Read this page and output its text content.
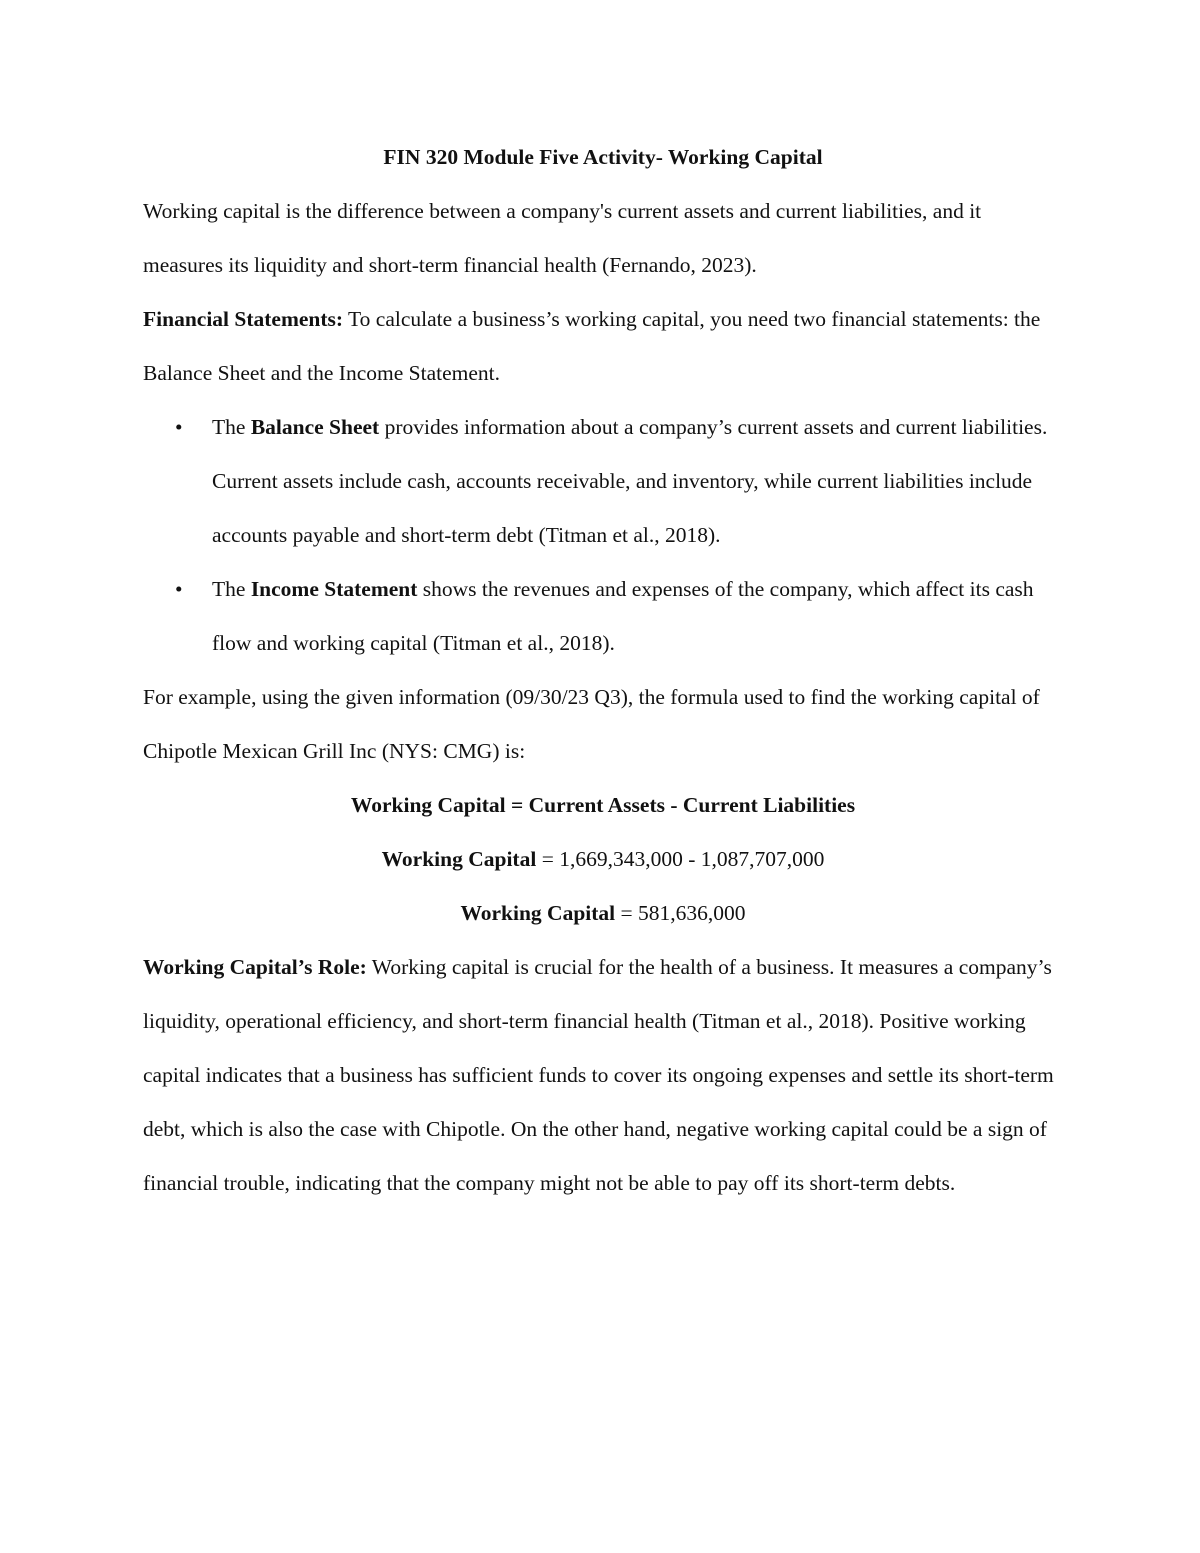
FIN 320 Module Five Activity- Working Capital

Working capital is the difference between a company's current assets and current liabilities, and it measures its liquidity and short-term financial health (Fernando, 2023).

Financial Statements: To calculate a business’s working capital, you need two financial statements: the Balance Sheet and the Income Statement.

• The Balance Sheet provides information about a company’s current assets and current liabilities. Current assets include cash, accounts receivable, and inventory, while current liabilities include accounts payable and short-term debt (Titman et al., 2018).
• The Income Statement shows the revenues and expenses of the company, which affect its cash flow and working capital (Titman et al., 2018).

For example, using the given information (09/30/23 Q3), the formula used to find the working capital of Chipotle Mexican Grill Inc (NYS: CMG) is:

Working Capital = Current Assets - Current Liabilities

Working Capital = 1,669,343,000 - 1,087,707,000

Working Capital = 581,636,000

Working Capital’s Role: Working capital is crucial for the health of a business. It measures a company’s liquidity, operational efficiency, and short-term financial health (Titman et al., 2018). Positive working capital indicates that a business has sufficient funds to cover its ongoing expenses and settle its short-term debt, which is also the case with Chipotle. On the other hand, negative working capital could be a sign of financial trouble, indicating that the company might not be able to pay off its short-term debts.
